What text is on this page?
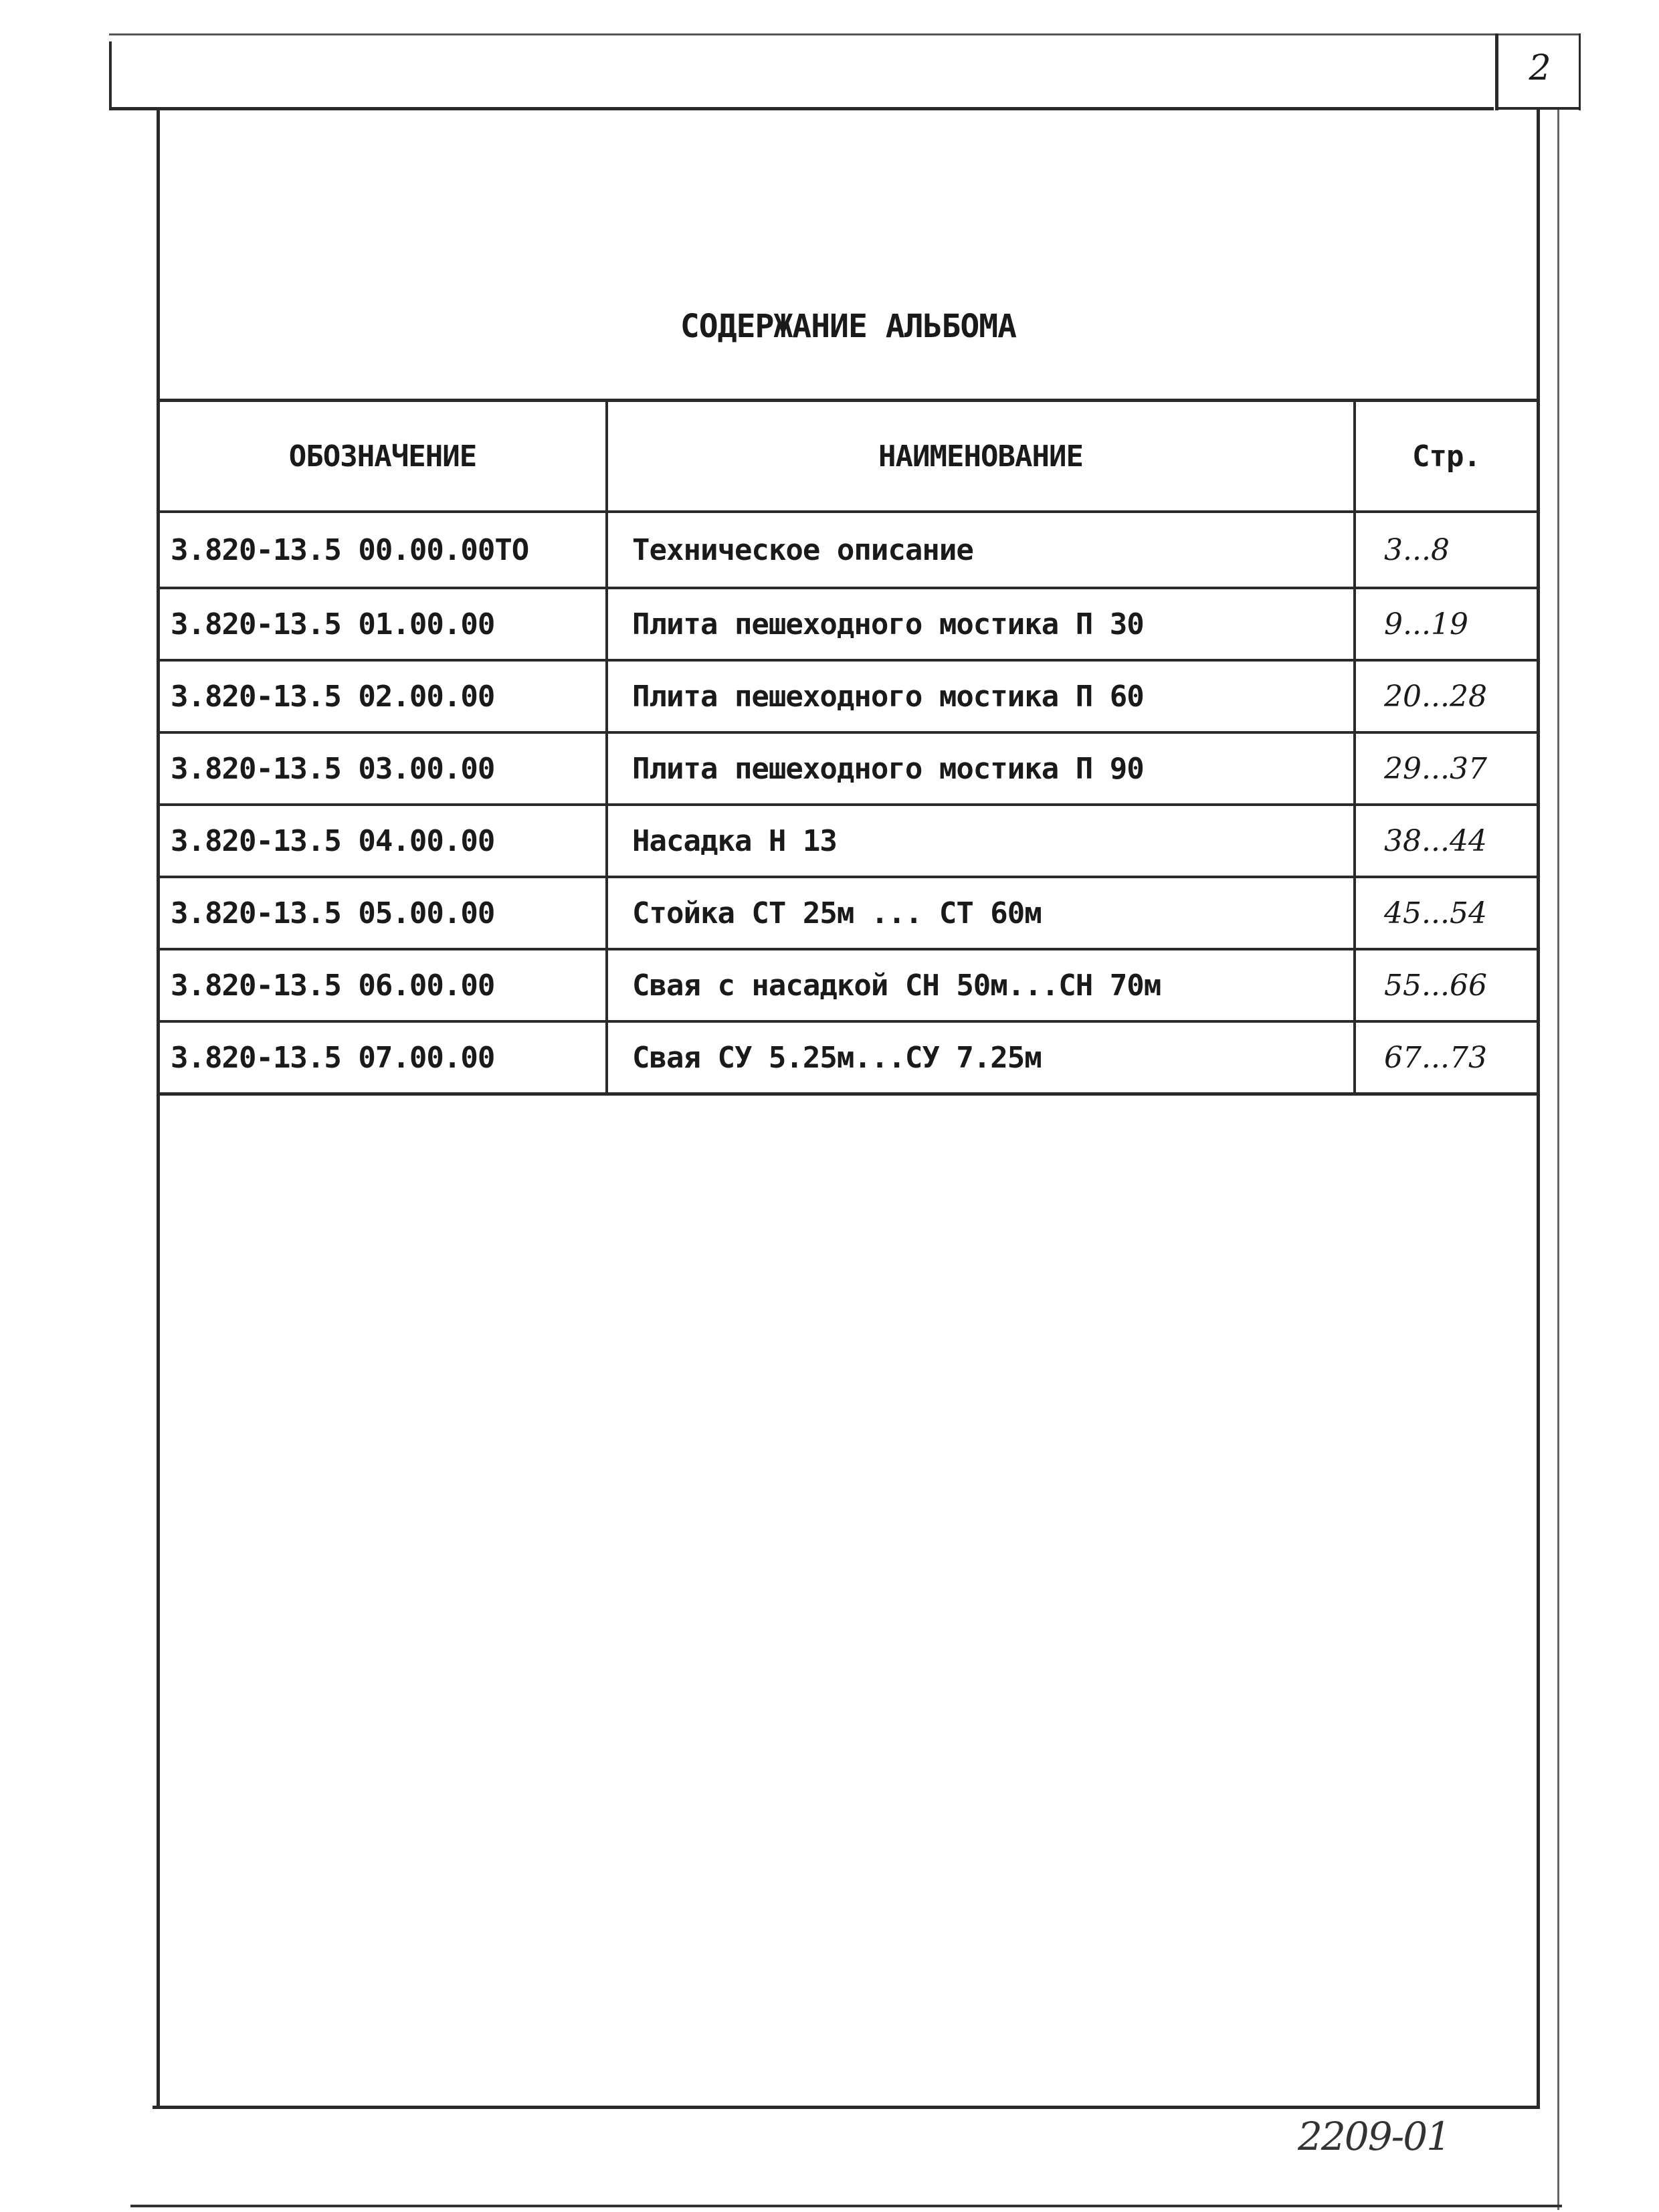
2
СОДЕРЖАНИЕ АЛЬБОМА
ОБОЗНАЧЕНИЕ	НАИМЕНОВАНИЕ	Стр.
3.820-13.5 00.00.00ТО	Техническое описание	3...8
3.820-13.5 01.00.00	Плита пешеходного мостика П 30	9...19
3.820-13.5 02.00.00	Плита пешеходного мостика П 60	20...28
3.820-13.5 03.00.00	Плита пешеходного мостика П 90	29...37
3.820-13.5 04.00.00	Насадка Н 13	38...44
3.820-13.5 05.00.00	Стойка СТ 25м ... СТ 60м	45...54
3.820-13.5 06.00.00	Свая с насадкой СН 50м...СН 70м	55...66
3.820-13.5 07.00.00	Свая СУ 5.25м...СУ 7.25м	67...73
2209-01
